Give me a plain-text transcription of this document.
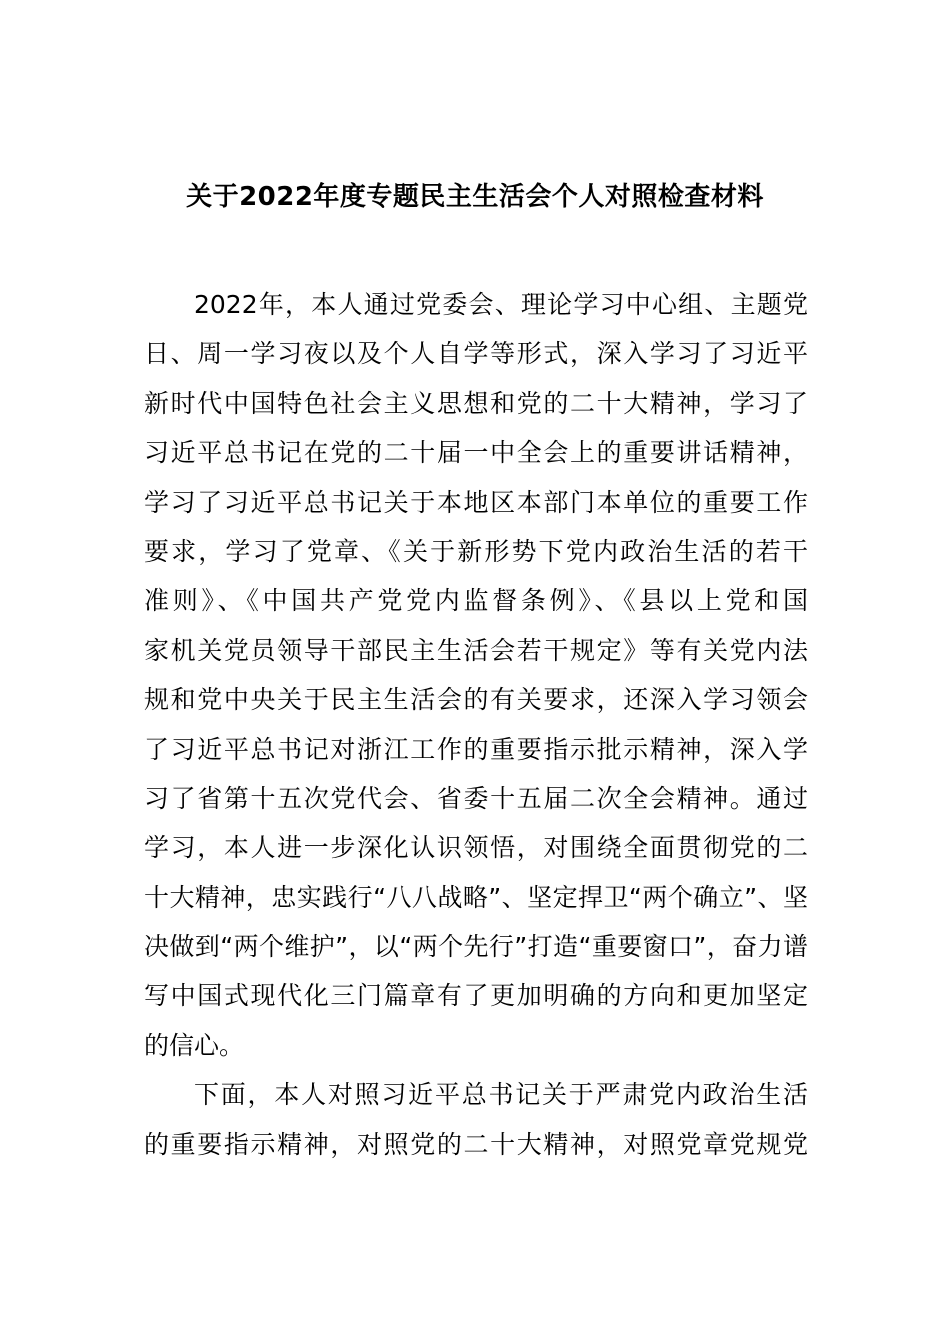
关于2022年度专题民主生活会个人对照检查材料

2022年，本人通过党委会、理论学习中心组、主题党
日、周一学习夜以及个人自学等形式，深入学习了习近平
新时代中国特色社会主义思想和党的二十大精神，学习了
习近平总书记在党的二十届一中全会上的重要讲话精神，
学习了习近平总书记关于本地区本部门本单位的重要工作
要求，学习了党章、《关于新形势下党内政治生活的若干
准则》、《中国共产党党内监督条例》、《县以上党和国
家机关党员领导干部民主生活会若干规定》等有关党内法
规和党中央关于民主生活会的有关要求，还深入学习领会
了习近平总书记对浙江工作的重要指示批示精神，深入学
习了省第十五次党代会、省委十五届二次全会精神。通过
学习，本人进一步深化认识领悟，对围绕全面贯彻党的二
十大精神，忠实践行“八八战略”、坚定捍卫“两个确立”、坚
决做到“两个维护”，以“两个先行”打造“重要窗口”，奋力谱
写中国式现代化三门篇章有了更加明确的方向和更加坚定
的信心。

下面，本人对照习近平总书记关于严肃党内政治生活
的重要指示精神，对照党的二十大精神，对照党章党规党
